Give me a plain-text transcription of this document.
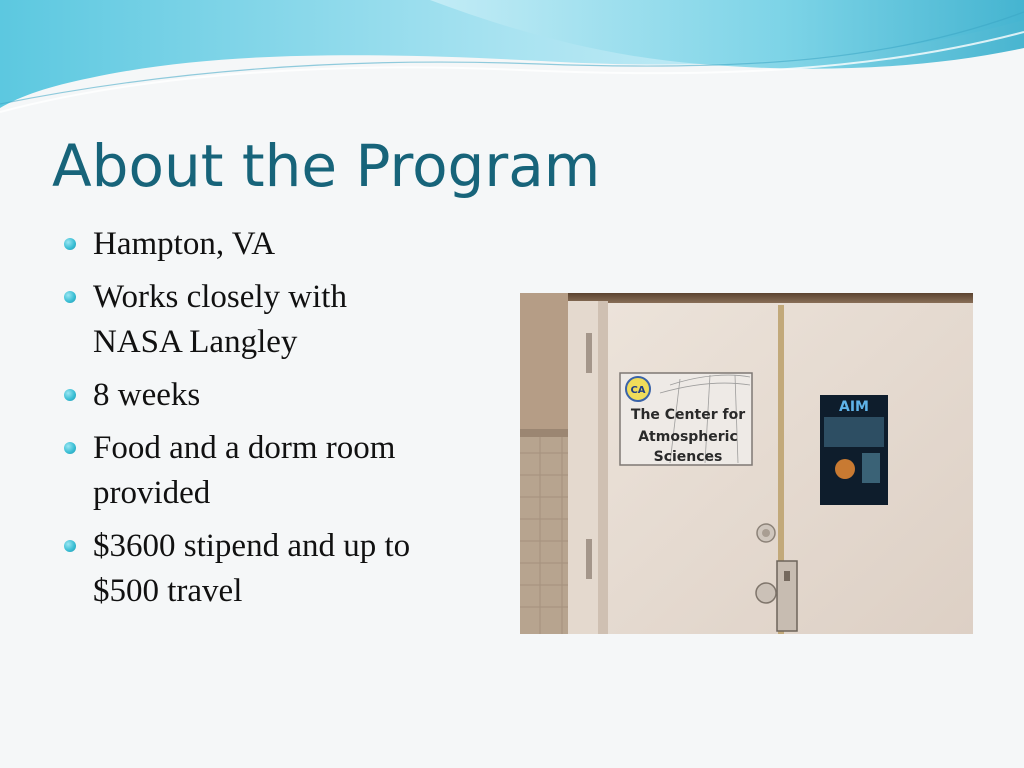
About the Program
Hampton, VA
Works closely with
NASA Langley
8 weeks
Food and a dorm room
provided
$3600 stipend and up to
$500 travel
CA
The Center for
Atmospheric
Sciences
AIM
